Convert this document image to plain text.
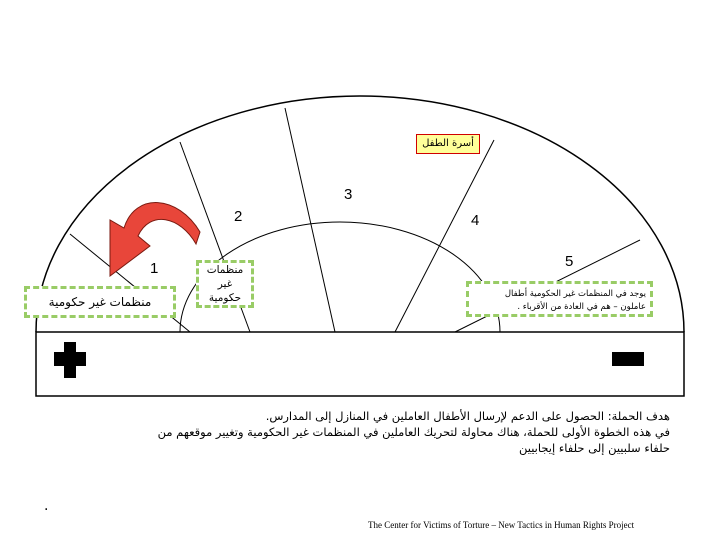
أسرة الطفل
3
2	4
1	5
منظمات غير حكومية
منظمات
غير
حكومية	يوجد في المنظمات غير الحكومية أطفال
عاملون – هم في العادة من الأقرباء .
هدف الحملة: الحصول على الدعم لإرسال الأطفال العاملين في المنازل إلى المدارس.
في هذه الخطوة الأولى للحملة، هناك محاولة لتحريك العاملين في المنظمات غير الحكومية وتغيير موقعهم من
حلفاء سلبيين إلى حلفاء إيجابيين
.
The Center for Victims of Torture – New Tactics in Human Rights Project
